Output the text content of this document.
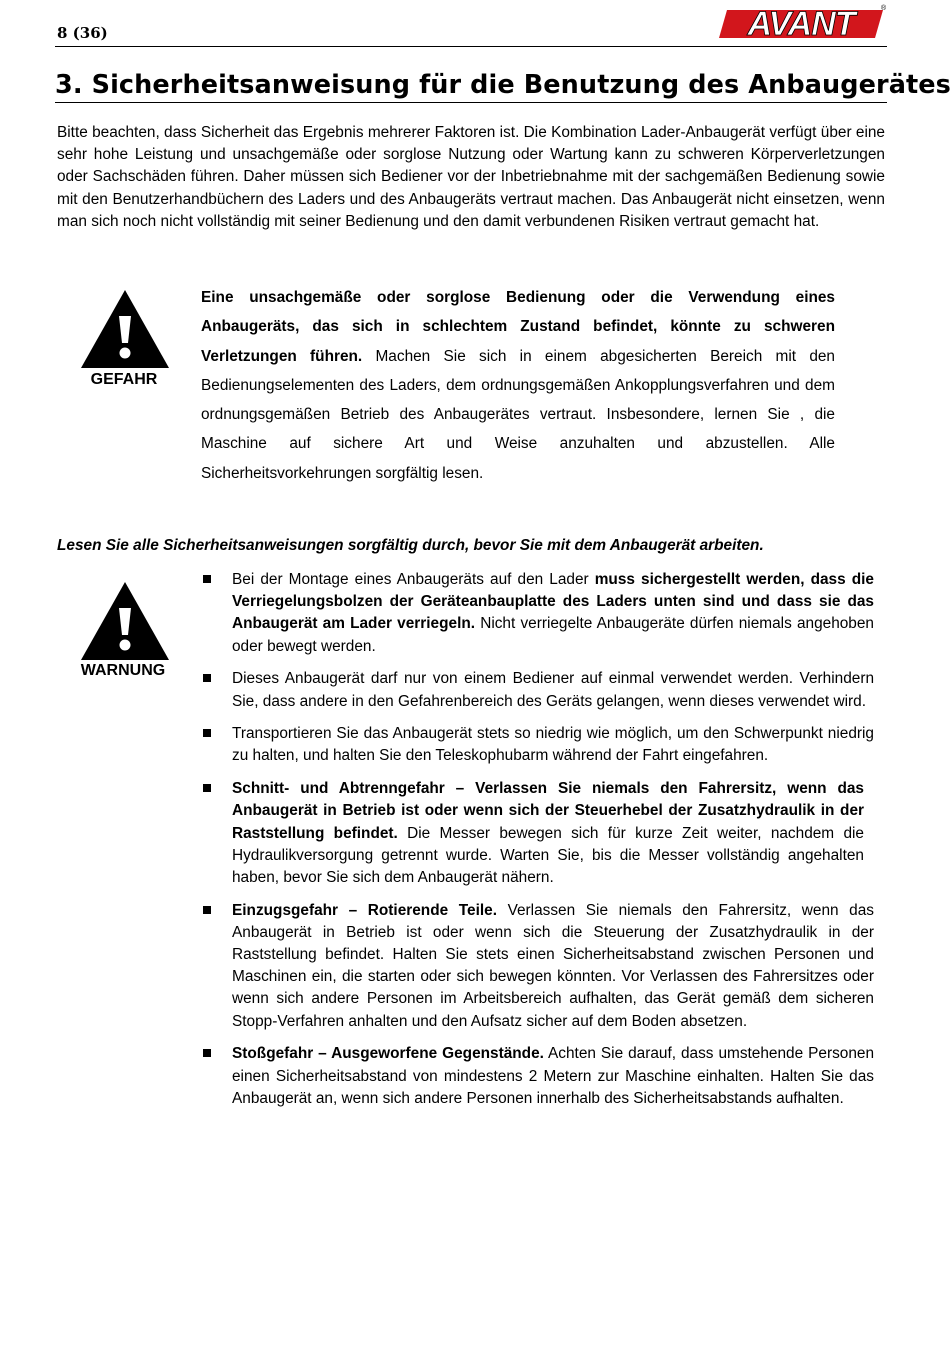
8 (36)	AVANT	®
3. Sicherheitsanweisung für die Benutzung des Anbaugerätes

Bitte beachten, dass Sicherheit das Ergebnis mehrerer Faktoren ist. Die Kombination Lader-Anbaugerät verfügt über eine sehr hohe Leistung und unsachgemäße oder sorglose Nutzung oder Wartung kann zu schweren Körperverletzungen oder Sachschäden führen. Daher müssen sich Bediener vor der Inbetriebnahme mit der sachgemäßen Bedienung sowie mit den Benutzerhandbüchern des Laders und des Anbaugeräts vertraut machen. Das Anbaugerät nicht einsetzen, wenn man sich noch nicht vollständig mit seiner Bedienung und den damit verbundenen Risiken vertraut gemacht hat.

GEFAHR

Eine unsachgemäße oder sorglose Bedienung oder die Verwendung eines Anbaugeräts, das sich in schlechtem Zustand befindet, könnte zu schweren Verletzungen führen. Machen Sie sich in einem abgesicherten Bereich mit den Bedienungselementen des Laders, dem ordnungsgemäßen Ankopplungsverfahren und dem ordnungsgemäßen Betrieb des Anbaugerätes vertraut. Insbesondere, lernen Sie , die Maschine auf sichere Art und Weise anzuhalten und abzustellen. Alle Sicherheitsvorkehrungen sorgfältig lesen.

Lesen Sie alle Sicherheitsanweisungen sorgfältig durch, bevor Sie mit dem Anbaugerät arbeiten.

WARNUNG
Bei der Montage eines Anbaugeräts auf den Lader muss sichergestellt werden, dass die Verriegelungsbolzen der Geräteanbauplatte des Laders unten sind und dass sie das Anbaugerät am Lader verriegeln. Nicht verriegelte Anbaugeräte dürfen niemals angehoben oder bewegt werden.
Dieses Anbaugerät darf nur von einem Bediener auf einmal verwendet werden. Verhindern Sie, dass andere in den Gefahrenbereich des Geräts gelangen, wenn dieses verwendet wird.
Transportieren Sie das Anbaugerät stets so niedrig wie möglich, um den Schwerpunkt niedrig zu halten, und halten Sie den Teleskophubarm während der Fahrt eingefahren.
Schnitt- und Abtrenngefahr – Verlassen Sie niemals den Fahrersitz, wenn das Anbaugerät in Betrieb ist oder wenn sich der Steuerhebel der Zusatzhydraulik in der Raststellung befindet. Die Messer bewegen sich für kurze Zeit weiter, nachdem die Hydraulikversorgung getrennt wurde. Warten Sie, bis die Messer vollständig angehalten haben, bevor Sie sich dem Anbaugerät nähern.
Einzugsgefahr – Rotierende Teile. Verlassen Sie niemals den Fahrersitz, wenn das Anbaugerät in Betrieb ist oder wenn sich die Steuerung der Zusatzhydraulik in der Raststellung befindet. Halten Sie stets einen Sicherheitsabstand zwischen Personen und Maschinen ein, die starten oder sich bewegen könnten. Vor Verlassen des Fahrersitzes oder wenn sich andere Personen im Arbeitsbereich aufhalten, das Gerät gemäß dem sicheren Stopp-Verfahren anhalten und den Aufsatz sicher auf dem Boden absetzen.
Stoßgefahr – Ausgeworfene Gegenstände. Achten Sie darauf, dass umstehende Personen einen Sicherheitsabstand von mindestens 2 Metern zur Maschine einhalten. Halten Sie das Anbaugerät an, wenn sich andere Personen innerhalb des Sicherheitsabstands aufhalten.
